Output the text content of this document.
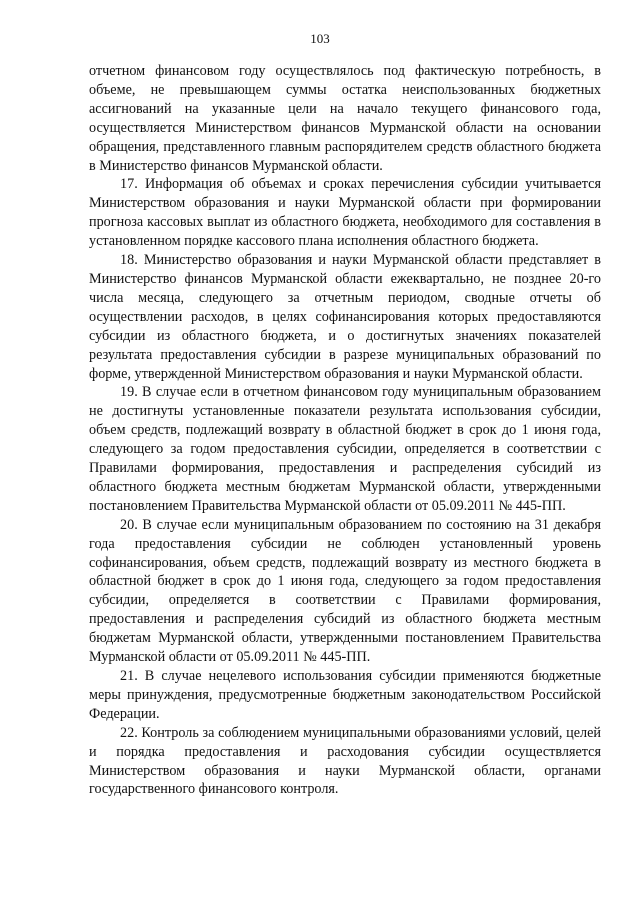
103

отчетном финансовом году осуществлялось под фактическую потребность, в объеме, не превышающем суммы остатка неиспользованных бюджетных ассигнований на указанные цели на начало текущего финансового года, осуществляется Министерством финансов Мурманской области на основании обращения, представленного главным распорядителем средств областного бюджета в Министерство финансов Мурманской области.

17. Информация об объемах и сроках перечисления субсидии учитывается Министерством образования и науки Мурманской области при формировании прогноза кассовых выплат из областного бюджета, необходимого для составления в установленном порядке кассового плана исполнения областного бюджета.

18. Министерство образования и науки Мурманской области представляет в Министерство финансов Мурманской области ежеквартально, не позднее 20-го числа месяца, следующего за отчетным периодом, сводные отчеты об осуществлении расходов, в целях софинансирования которых предоставляются субсидии из областного бюджета, и о достигнутых значениях показателей результата предоставления субсидии в разрезе муниципальных образований по форме, утвержденной Министерством образования и науки Мурманской области.

19. В случае если в отчетном финансовом году муниципальным образованием не достигнуты установленные показатели результата использования субсидии, объем средств, подлежащий возврату в областной бюджет в срок до 1 июня года, следующего за годом предоставления субсидии, определяется в соответствии с Правилами формирования, предоставления и распределения субсидий из областного бюджета местным бюджетам Мурманской области, утвержденными постановлением Правительства Мурманской области от 05.09.2011 № 445-ПП.

20. В случае если муниципальным образованием по состоянию на 31 декабря года предоставления субсидии не соблюден установленный уровень софинансирования, объем средств, подлежащий возврату из местного бюджета в областной бюджет в срок до 1 июня года, следующего за годом предоставления субсидии, определяется в соответствии с Правилами формирования, предоставления и распределения субсидий из областного бюджета местным бюджетам Мурманской области, утвержденными постановлением Правительства Мурманской области от 05.09.2011 № 445-ПП.

21. В случае нецелевого использования субсидии применяются бюджетные меры принуждения, предусмотренные бюджетным законодательством Российской Федерации.

22. Контроль за соблюдением муниципальными образованиями условий, целей и порядка предоставления и расходования субсидии осуществляется Министерством образования и науки Мурманской области, органами государственного финансового контроля.
